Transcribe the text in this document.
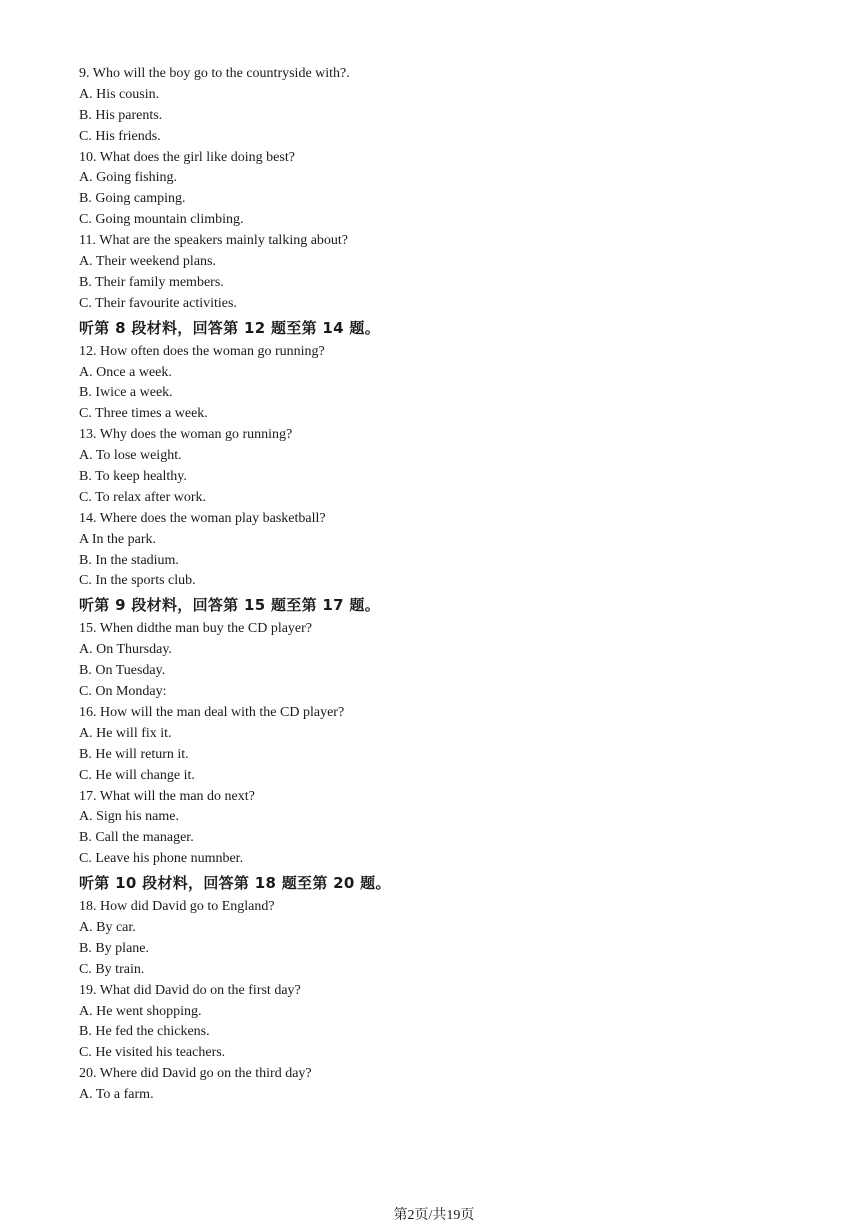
9. Who will the boy go to the countryside with?.
A. His cousin.
B. His parents.
C. His friends.
10. What does the girl like doing best?
A. Going fishing.
B. Going camping.
C. Going mountain climbing.
11. What are the speakers mainly talking about?
A. Their weekend plans.
B. Their family members.
C. Their favourite activities.
听第 8 段材料，回答第 12 题至第 14 题。
12. How often does the woman go running?
A. Once a week.
B. Iwice a week.
C. Three times a week.
13. Why does the woman go running?
A. To lose weight.
B. To keep healthy.
C. To relax after work.
14. Where does the woman play basketball?
A In the park.
B. In the stadium.
C. In the sports club.
听第 9 段材料，回答第 15 题至第 17 题。
15. When didthe man buy the CD player?
A. On Thursday.
B. On Tuesday.
C. On Monday:
16. How will the man deal with the CD player?
A. He will fix it.
B. He will return it.
C. He will change it.
17. What will the man do next?
A. Sign his name.
B. Call the manager.
C. Leave his phone numnber.
听第 10 段材料，回答第 18 题至第 20 题。
18. How did David go to England?
A. By car.
B. By plane.
C. By train.
19. What did David do on the first day?
A. He went shopping.
B. He fed the chickens.
C. He visited his teachers.
20. Where did David go on the third day?
A. To a farm.
第2页/共19页
